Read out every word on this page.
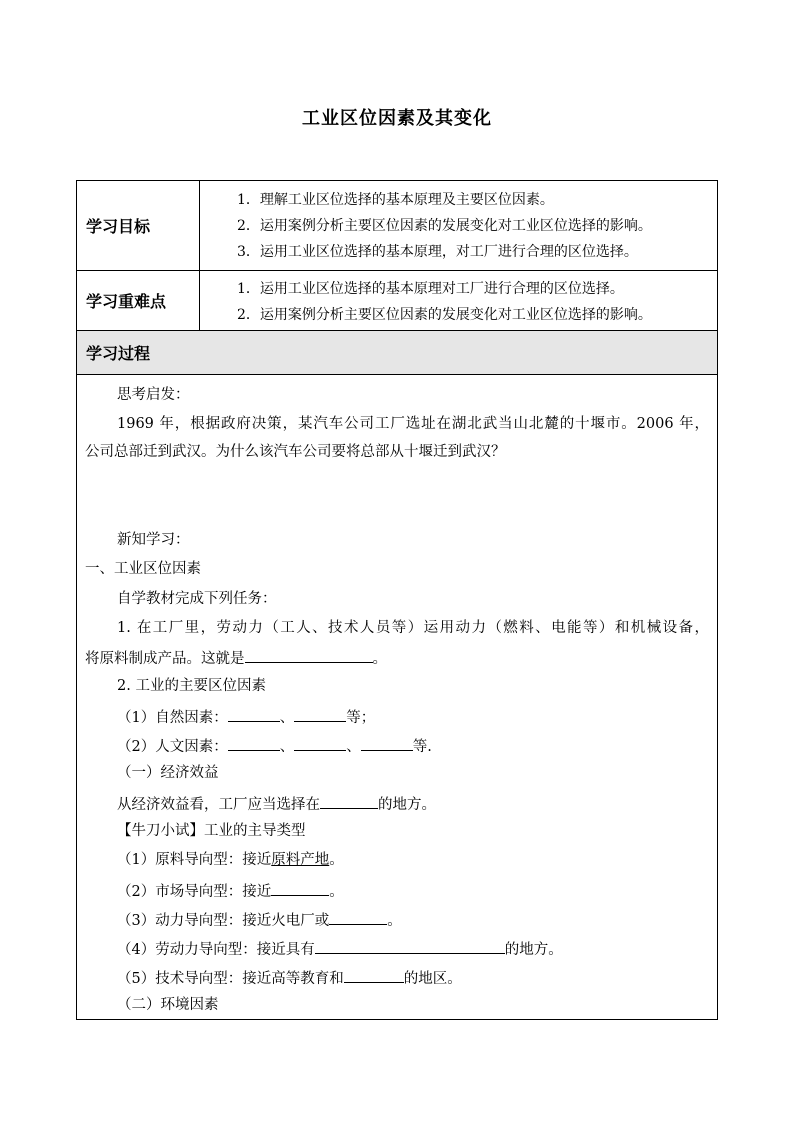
工业区位因素及其变化
学习目标
1．理解工业区位选择的基本原理及主要区位因素。
2．运用案例分析主要区位因素的发展变化对工业区位选择的影响。
3．运用工业区位选择的基本原理，对工厂进行合理的区位选择。
学习重难点
1．运用工业区位选择的基本原理对工厂进行合理的区位选择。
2．运用案例分析主要区位因素的发展变化对工业区位选择的影响。
学习过程
思考启发：
1969 年，根据政府决策，某汽车公司工厂选址在湖北武当山北麓的十堰市。2006 年，
公司总部迁到武汉。为什么该汽车公司要将总部从十堰迁到武汉？
新知学习：
一、工业区位因素
自学教材完成下列任务：
1. 在工厂里，劳动力（工人、技术人员等）运用动力（燃料、电能等）和机械设备，
将原料制成产品。这就是	。
2. 工业的主要区位因素
（1）自然因素：	、	等；
（2）人文因素：	、	、	等.
（一）经济效益
从经济效益看，工厂应当选择在	的地方。
【牛刀小试】工业的主导类型
（1）原料导向型：接近原料产地。
（2）市场导向型：接近	。
（3）动力导向型：接近火电厂或	。
（4）劳动力导向型：接近具有	的地方。
（5）技术导向型：接近高等教育和	的地区。
（二）环境因素
